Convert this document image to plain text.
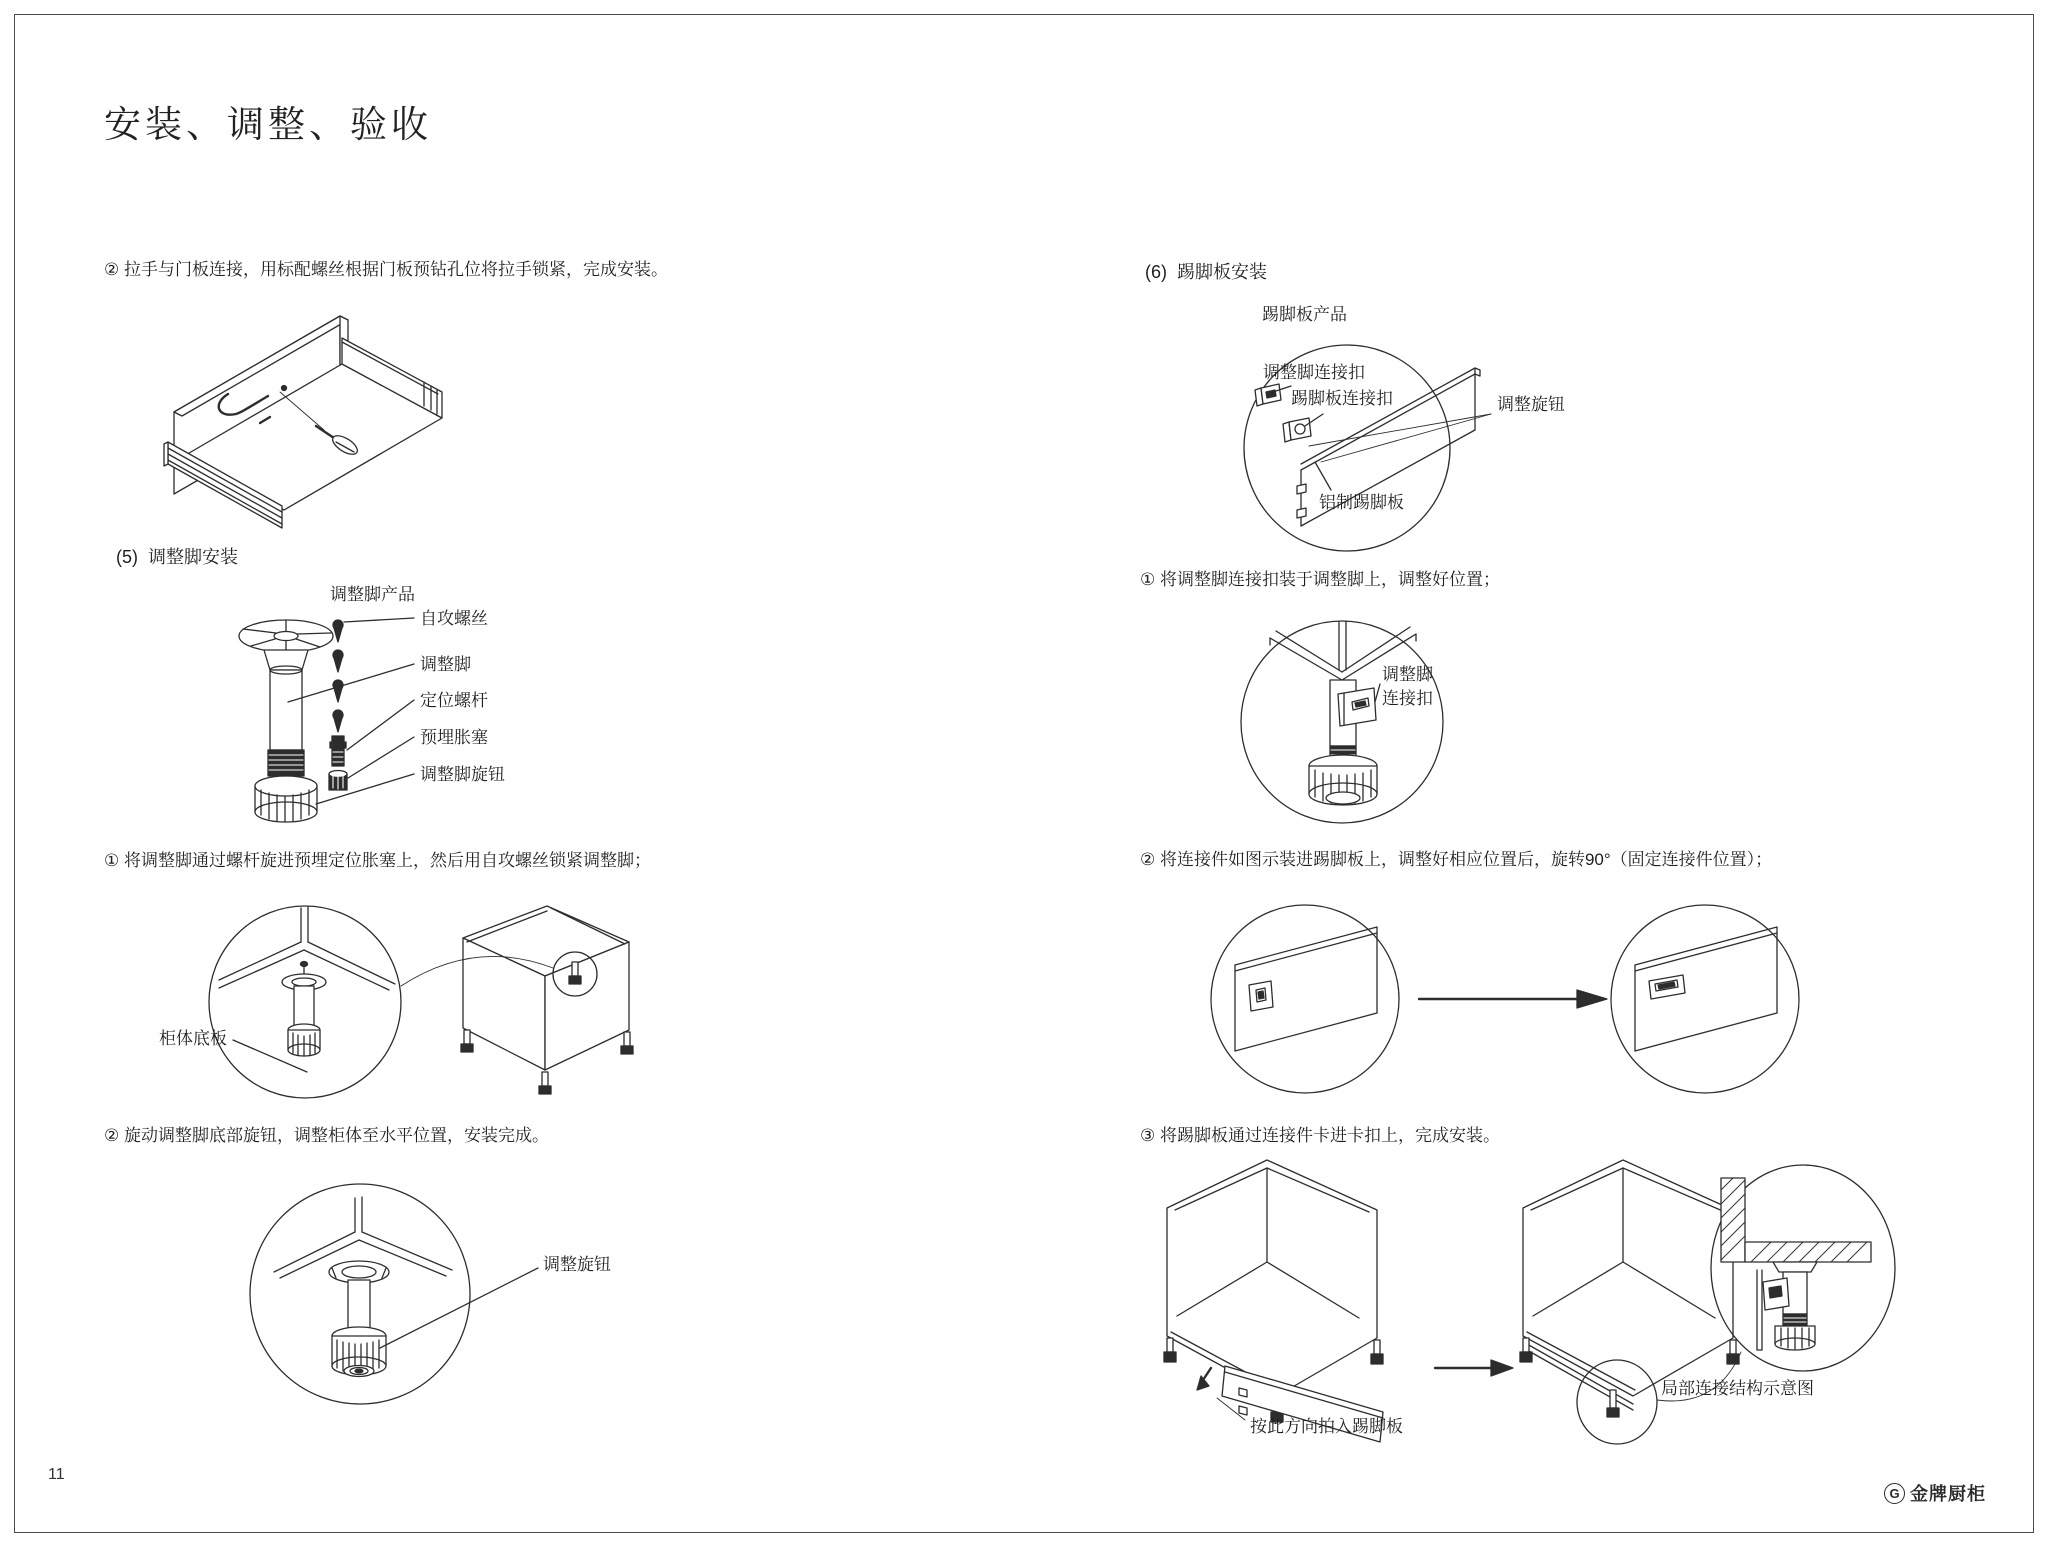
安装、调整、验收
② 拉手与门板连接，用标配螺丝根据门板预钻孔位将拉手锁紧，完成安装。
(5)  调整脚安装
调整脚产品
自攻螺丝
调整脚
定位螺杆
预埋胀塞
调整脚旋钮
① 将调整脚通过螺杆旋进预埋定位胀塞上，然后用自攻螺丝锁紧调整脚；
柜体底板
② 旋动调整脚底部旋钮，调整柜体至水平位置，安装完成。
调整旋钮
(6)  踢脚板安装
踢脚板产品
调整脚连接扣
踢脚板连接扣	调整旋钮
铝制踢脚板
① 将调整脚连接扣装于调整脚上，调整好位置；
调整脚
连接扣
② 将连接件如图示装进踢脚板上，调整好相应位置后，旋转90°（固定连接件位置）；
③ 将踢脚板通过连接件卡进卡扣上，完成安装。
按此方向拍入踢脚板
局部连接结构示意图
11
G 金牌厨柜
